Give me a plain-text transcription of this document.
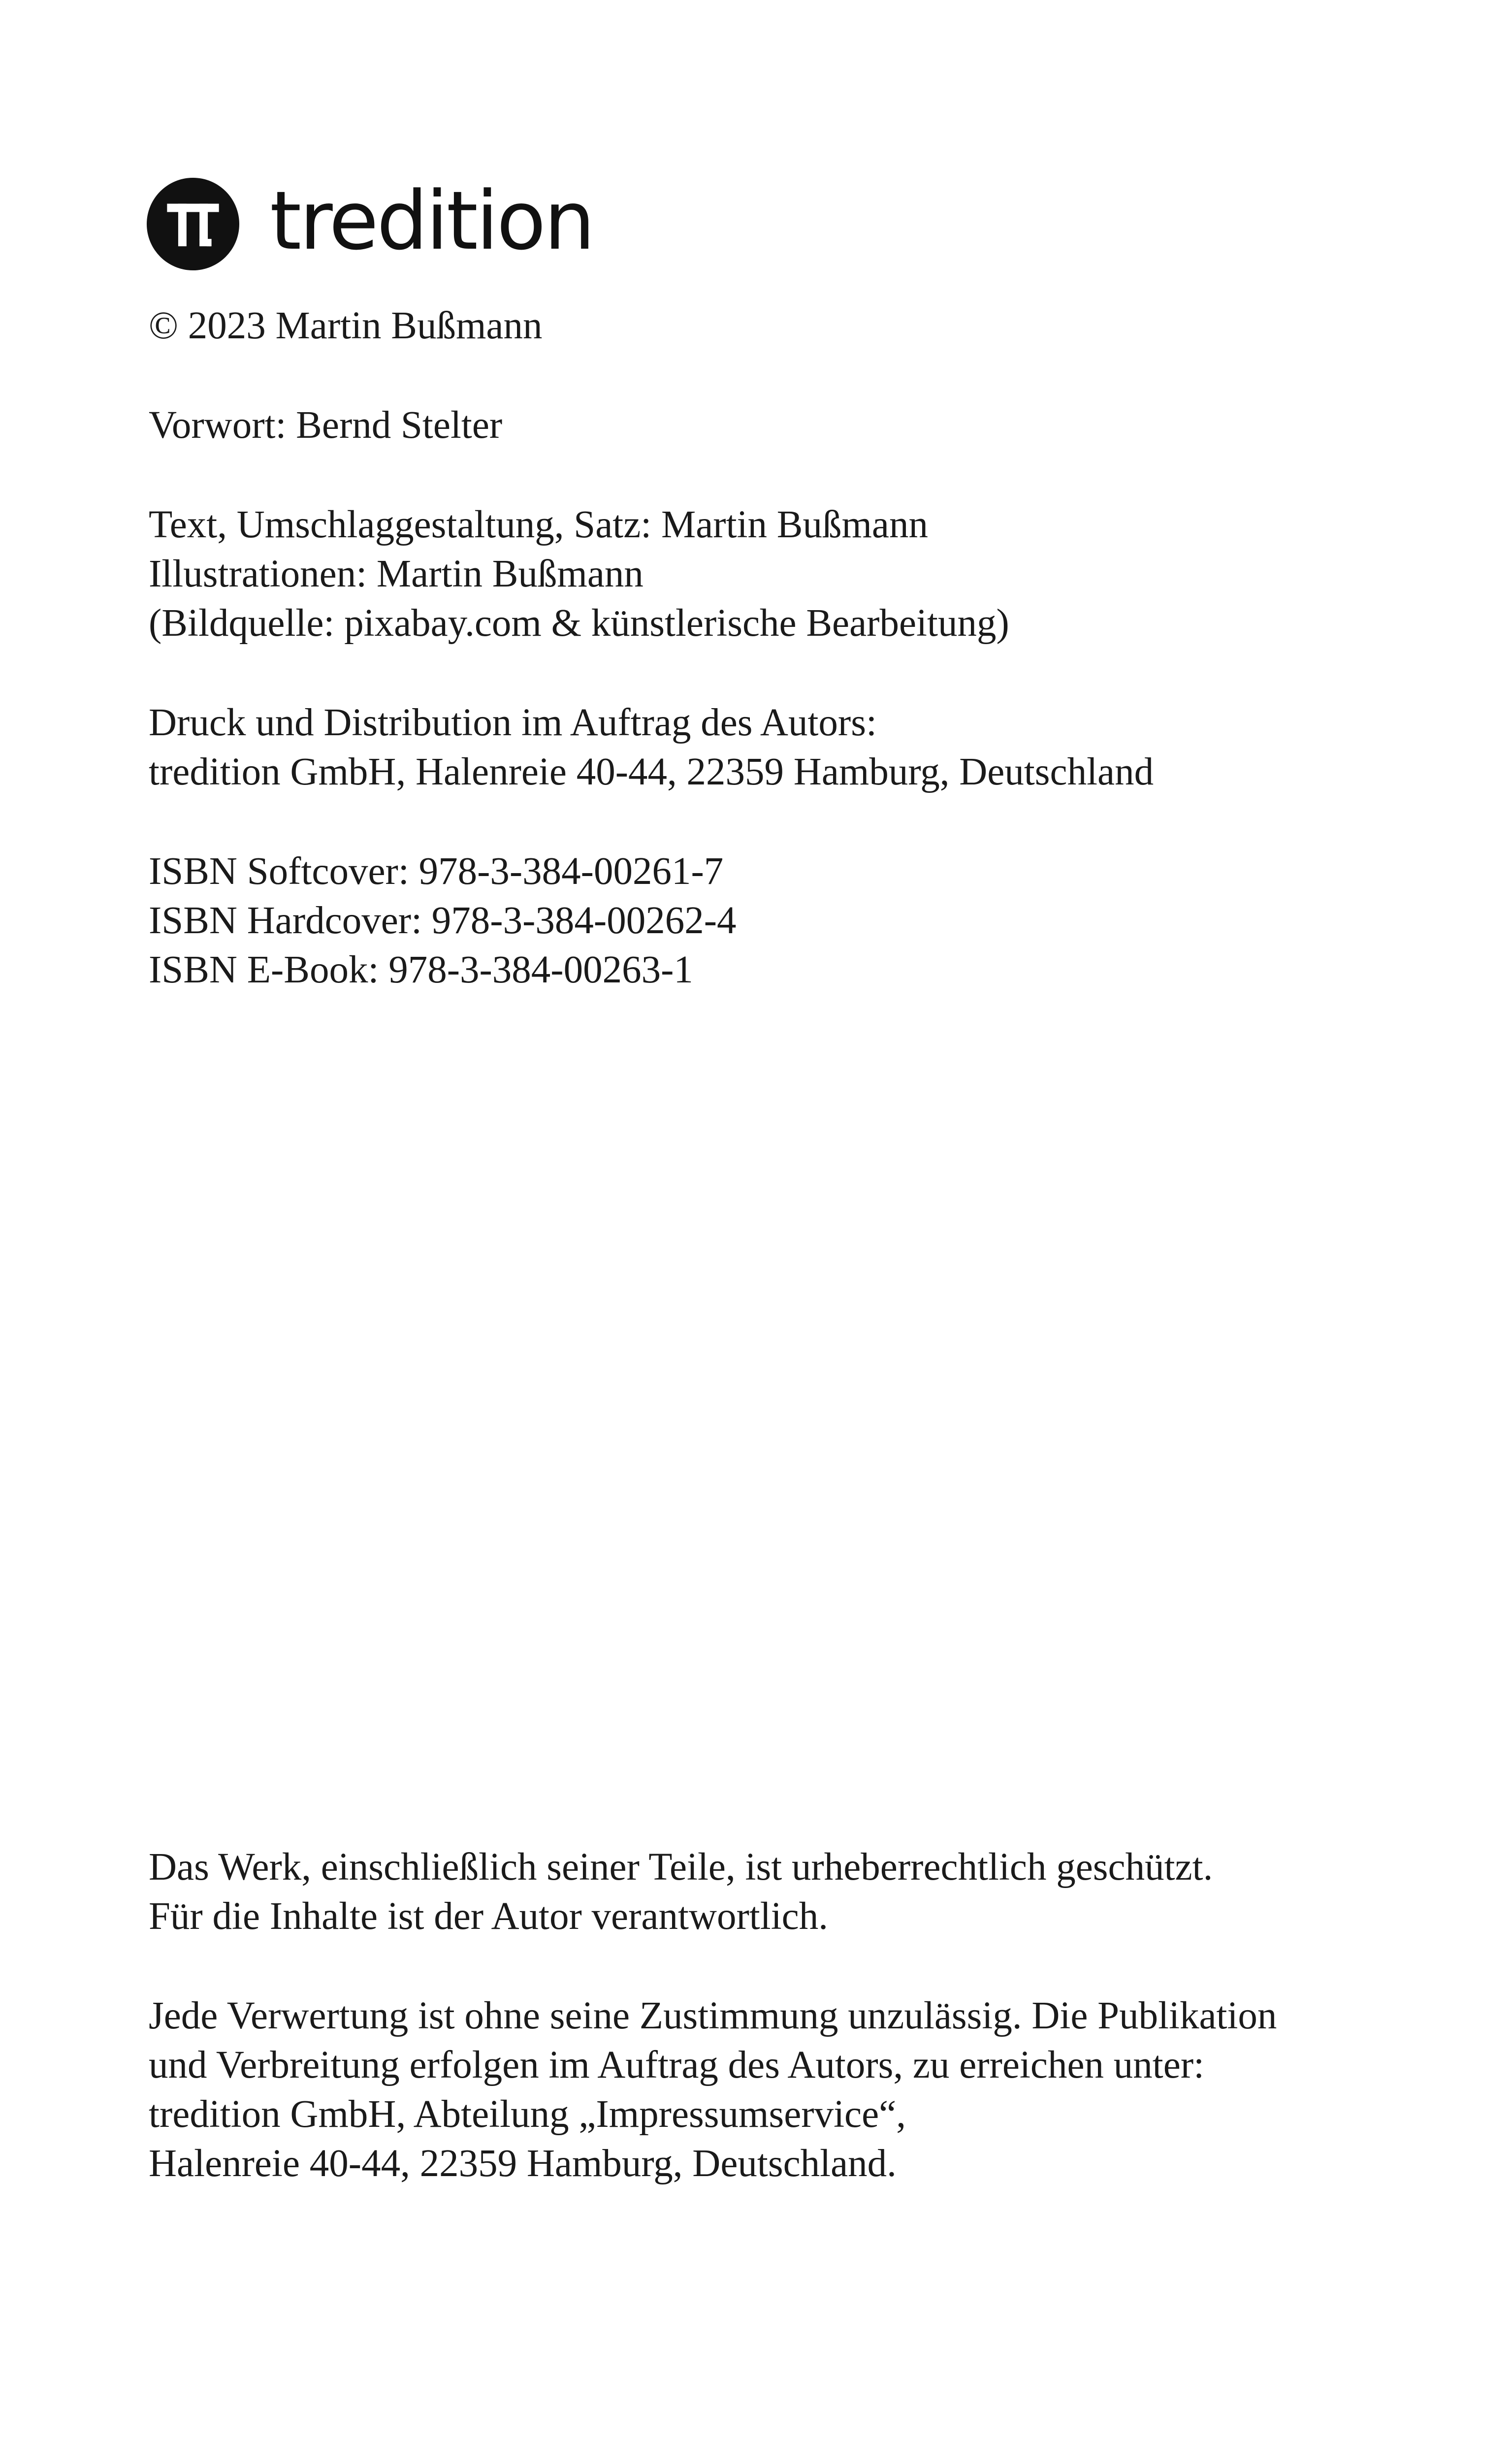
tredition
© 2023 Martin Bußmann
Vorwort: Bernd Stelter
Text, Umschlaggestaltung, Satz: Martin Bußmann
Illustrationen: Martin Bußmann
(Bildquelle: pixabay.com & künstlerische Bearbeitung)
Druck und Distribution im Auftrag des Autors:
tredition GmbH, Halenreie 40-44, 22359 Hamburg, Deutschland
ISBN Softcover: 978-3-384-00261-7
ISBN Hardcover: 978-3-384-00262-4
ISBN E-Book: 978-3-384-00263-1
Das Werk, einschließlich seiner Teile, ist urheberrechtlich geschützt.
Für die Inhalte ist der Autor verantwortlich.
Jede Verwertung ist ohne seine Zustimmung unzulässig. Die Publikation
und Verbreitung erfolgen im Auftrag des Autors, zu erreichen unter:
tredition GmbH, Abteilung „Impressumservice“,
Halenreie 40-44, 22359 Hamburg, Deutschland.
